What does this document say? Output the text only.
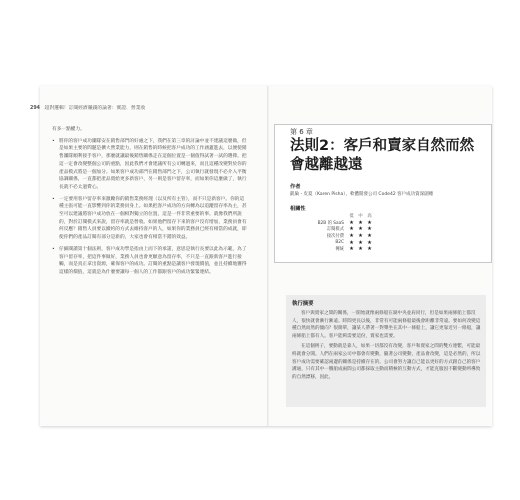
294 超對邏輯！訂閱經濟賺錢的論著：實證．營業收

有多一點權力。

• 將你的客戶成功團隊安在銷售部門的好處之下，我們在第三章的討論中並不建議這麼做，但是如果主要的問題是擴大營業能力，則在銷售的時候把客戶成功的工作涵蓋進去，以便使銷售團隊順利接手客戶，那麼就讓最後銷售關係走在這個位置是一個值得試著一試的選擇。把這一定會改變整個公司的重點，因此我們才會建議所有公司轉過來，而且這種改變對於你的產品模式將是一個加分。如果客戶成功部門在銷售部門之下，公司執行就發現不必介入平衡協調關係，一直都把產品賣給更多新客戶，另一則是客戶留存率，而如果你這麼做了，執行長就不必太過費心。

• 一定要用客戶留存率來激勵你的銷售業務經理（以及所有主管），而不只是新客戶。你的這種主張可能一直影響到你的業務員身上。如果把客戶成功的方向轉為以追蹤留存率為主，甚至可以建議將客戶成功放在一個相對獨立的位置，這是一件非常重要的事。就像我們所說的，對於訂閱模式來說，留存率就是營收。如果他們留存下來的客戶沒有增加，業務員會有何反應？銷售人員要以續約的方式去維持客戶的人，如果你的業務員已經有相當的成就，即使你們的產品訂閱有部分是新的，大家也會有相當不錯的效益。

• 仔細閱讀第十個法則，客戶成功學是指由上而下的承諾，意思是執行長要以此為示範，為了客戶留存率，把這件事做好，業務人員也會更願意為留存率，不只是一直跟新客戶進行接觸，而是真正拿出資源，確保客戶的成功。訂閱的重點是讓客戶發現價值，並且持續地獲得這樣的價值，這就是為什麼要讓每一個人的工作都跟客戶的成功緊緊連結。

第 6 章
法則2：客戶和賣家自然而然會越離越遠
作者
凱倫・皮夏（Karen Pisha），軟體開發公司 Code42 客戶成功資深副總
相關性
低	中	高
B2B 的 SaaS ★ ★ ★
訂閱模式 ★ ★ ★
接次付費 ★ ★ ★
B2C ★ ★ ★
傳統 ★ ★ ★
執行摘要

客戶與賣家之間的關係，一開始就像兩條船在湖中央並肩同行，但是如果兩條船上都沒人，很快就會漸行漸遠。時間更長以後，非常有可能兩條船最後會距離非常遠。要如何改變這種自然而然的傾向？很簡單，讓某人帶著一對槳坐在其中一條船上，讓它更靠近另一條船，讓兩條船上都有人。客戶能夠需要這份，賣家也需要。

在這個例子，要動就是靠人，如果一切都沒有改變，客戶和賣家之間的雙方連繫，可能最終就會分開。人們在兩家公司中都會有變動，隨著公司變動，產品會改變，這是必然的，所以客戶成功需要確認兩邊的關係是持續存在的。公司會努力讓自己能以更好的方式跟自己的客戶溝通，只有其中一艘船成兩間公司都採取主動而積極的互動方式，才能克服因不斷變動所導致的自然漂移，因此，
